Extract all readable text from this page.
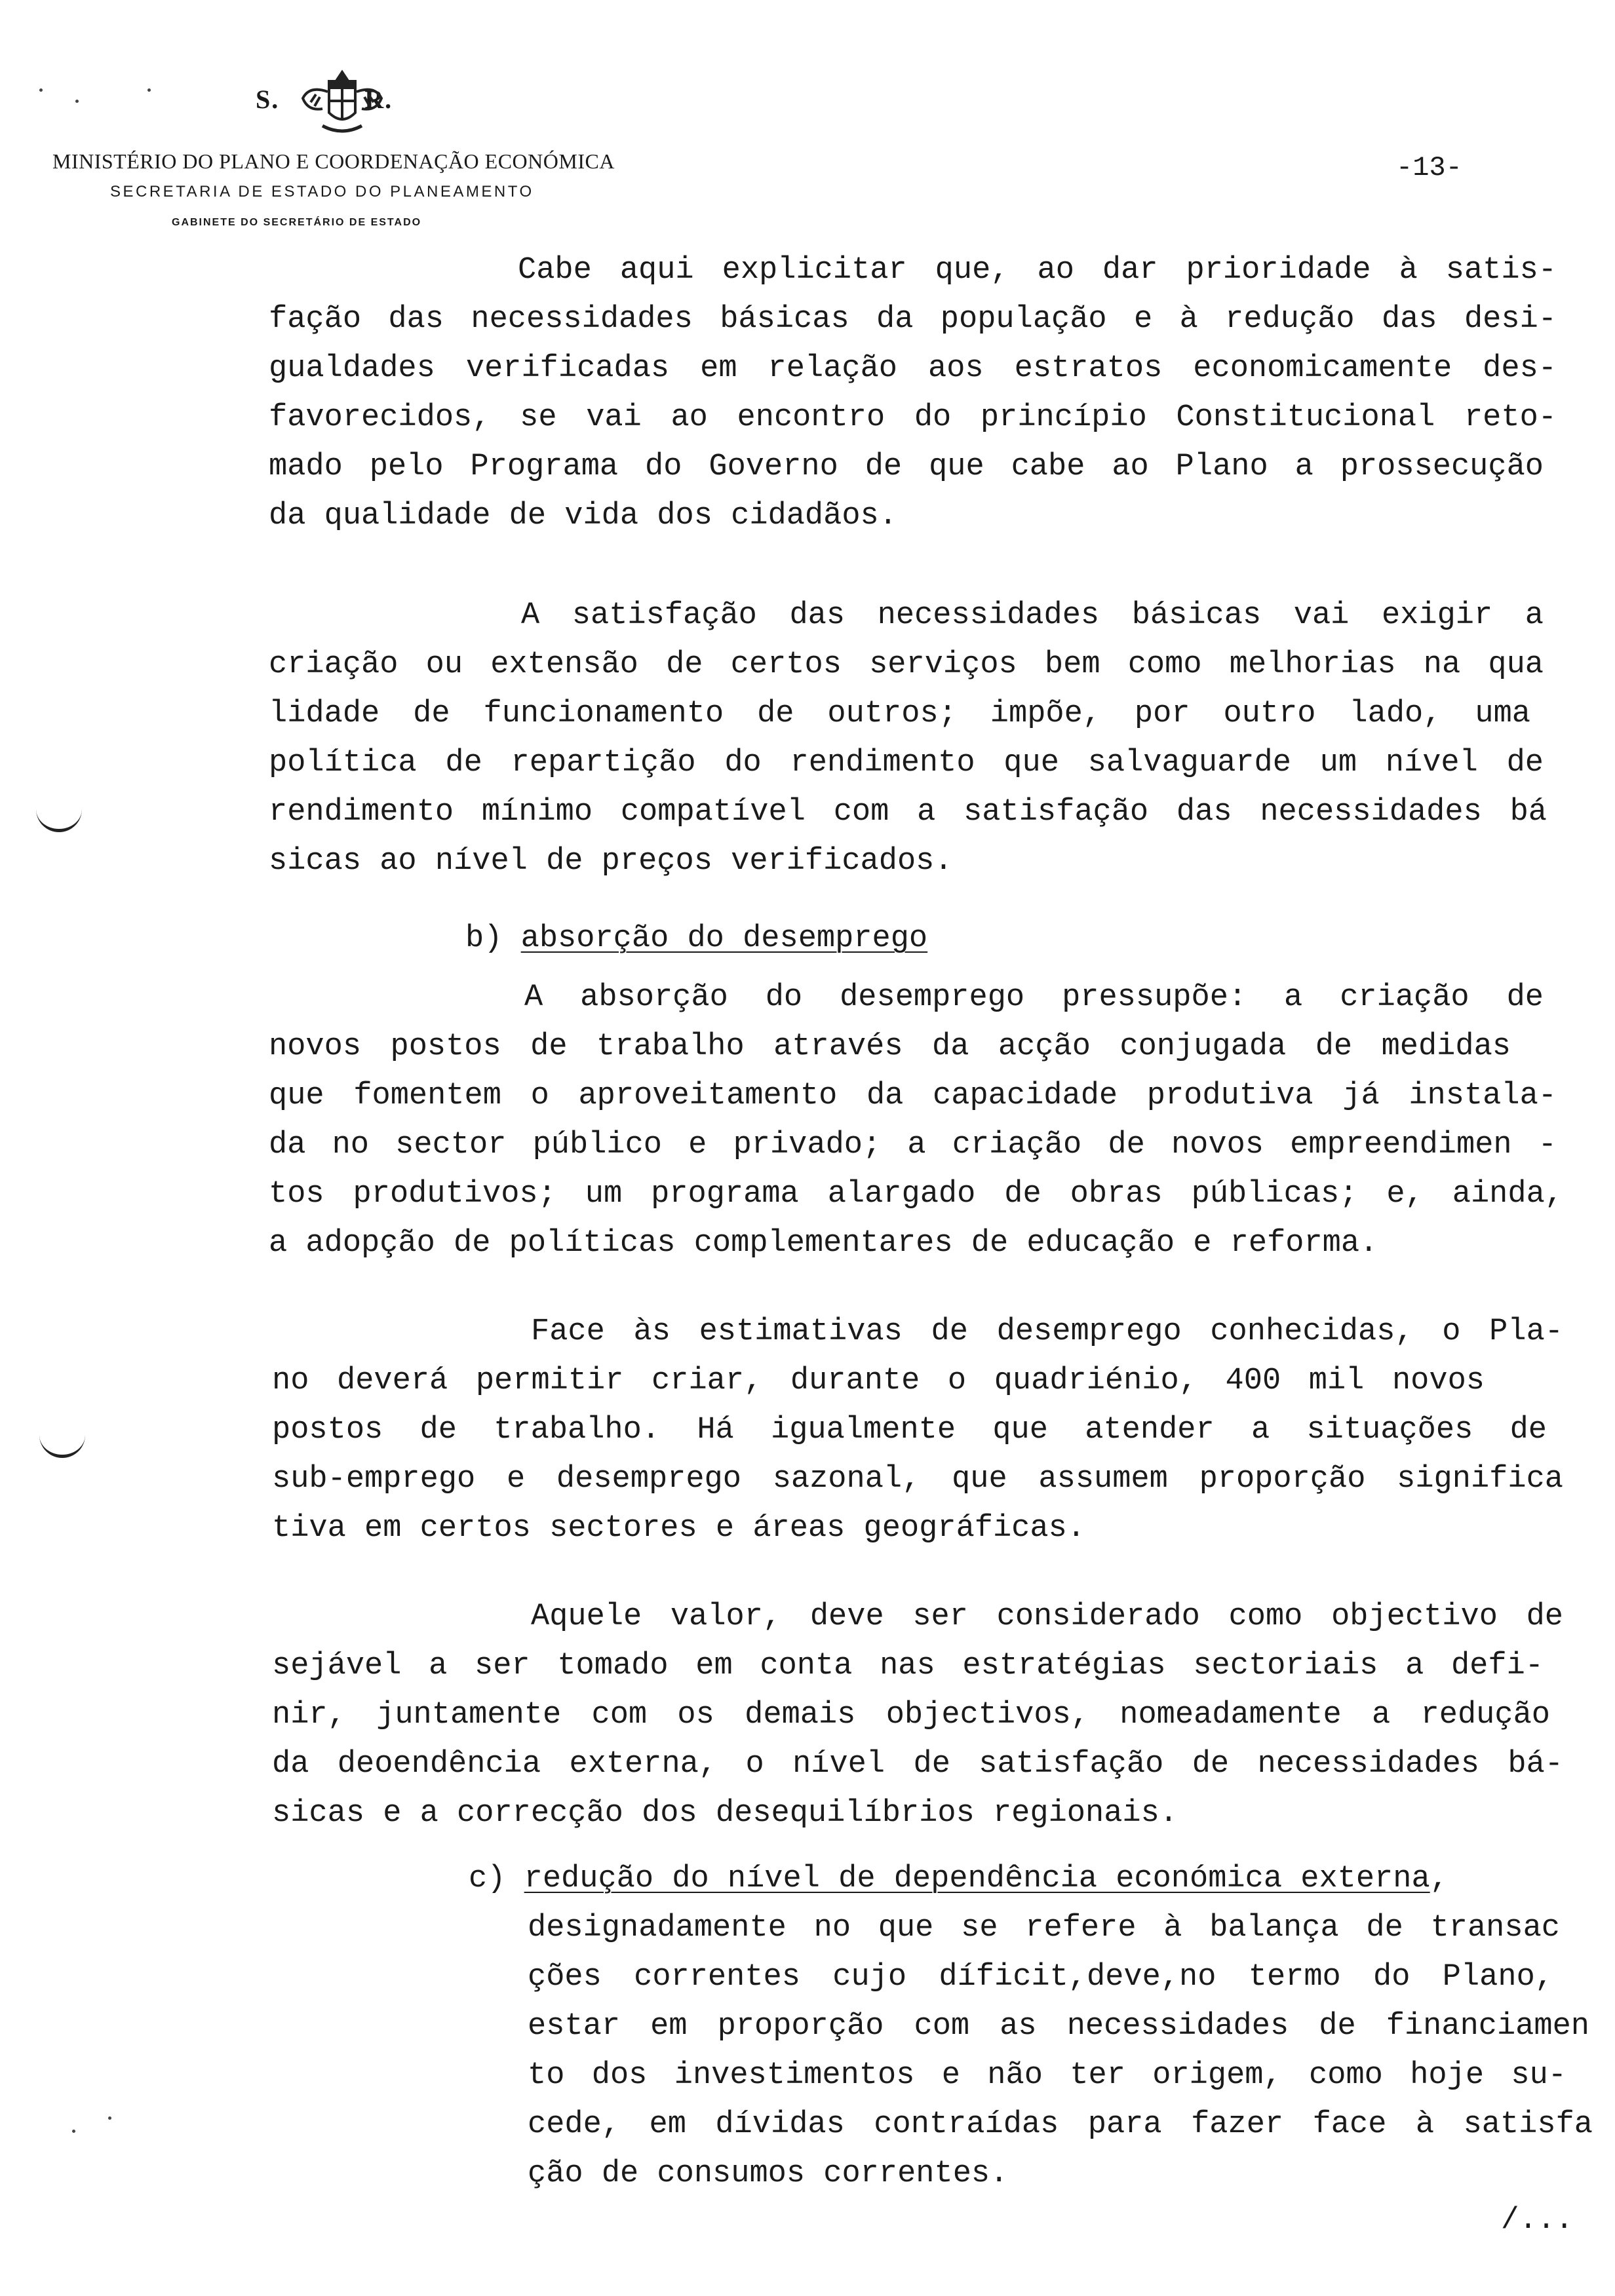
S.	R.
MINISTÉRIO DO PLANO E COORDENAÇÃO ECONÓMICA
SECRETARIA DE ESTADO DO PLANEAMENTO
GABINETE DO SECRETÁRIO DE ESTADO
-13-

Cabe aqui explicitar que, ao dar prioridade à satis-

fação das necessidades básicas da população e à redução das desi-

gualdades verificadas em relação aos estratos economicamente des-

favorecidos, se vai ao encontro do princípio Constitucional reto-

mado pelo Programa do Governo de que cabe ao Plano a prossecução

da qualidade de vida dos cidadãos.

A satisfação das necessidades básicas vai exigir a

criação ou extensão de certos serviços bem como melhorias na qua

lidade de funcionamento de outros; impõe, por outro lado, uma

política de repartição do rendimento que salvaguarde um nível de

rendimento mínimo compatível com a satisfação das necessidades bá

sicas ao nível de preços verificados.

b) absorção do desemprego

A absorção do desemprego pressupõe: a criação de

novos postos de trabalho através da acção conjugada de medidas

que fomentem o aproveitamento da capacidade produtiva já instala-

da no sector público e privado; a criação de novos empreendimen -

tos produtivos; um programa alargado de obras públicas; e, ainda,

a adopção de políticas complementares de educação e reforma.

Face às estimativas de desemprego conhecidas, o Pla-

no deverá permitir criar, durante o quadriénio, 400 mil novos

postos de trabalho. Há igualmente que atender a situações de

sub-emprego e desemprego sazonal, que assumem proporção significa

tiva em certos sectores e áreas geográficas.

Aquele valor, deve ser considerado como objectivo de

sejável a ser tomado em conta nas estratégias sectoriais a defi-

nir, juntamente com os demais objectivos, nomeadamente a redução

da deoendência externa, o nível de satisfação de necessidades bá-

sicas e a correcção dos desequilíbrios regionais.

c) redução do nível de dependência económica externa,

designadamente no que se refere à balança de transac

ções correntes cujo díficit,deve,no termo do Plano,

estar em proporção com as necessidades de financiamen

to dos investimentos e não ter origem, como hoje su-

cede, em dívidas contraídas para fazer face à satisfa

ção de consumos correntes.

/...
